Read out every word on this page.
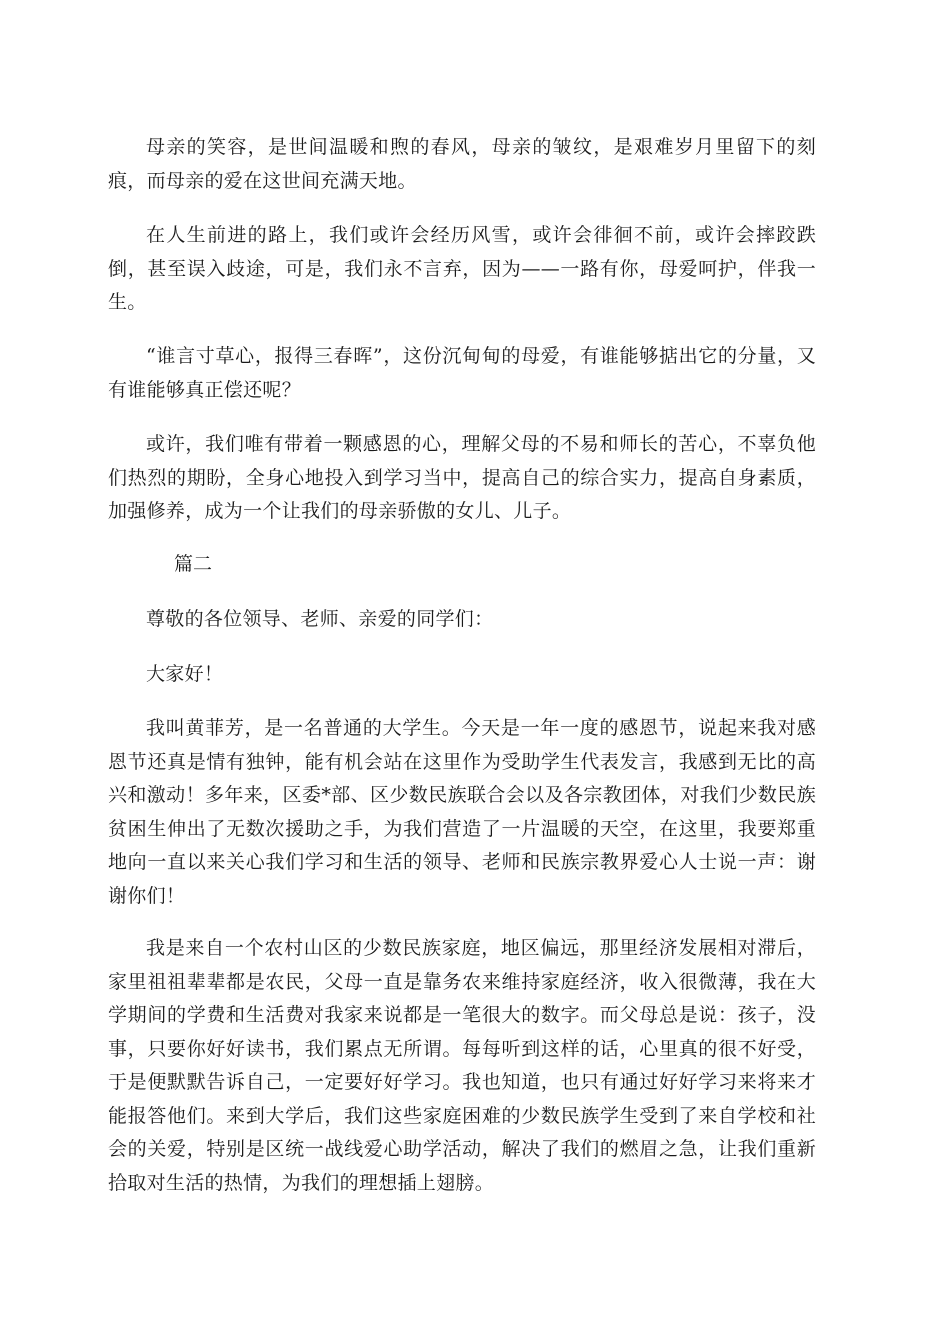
母亲的笑容，是世间温暖和煦的春风，母亲的皱纹，是艰难岁月里留下的刻痕，而母亲的爱在这世间充满天地。

在人生前进的路上，我们或许会经历风雪，或许会徘徊不前，或许会摔跤跌倒，甚至误入歧途，可是，我们永不言弃，因为——一路有你，母爱呵护，伴我一生。

“谁言寸草心，报得三春晖”，这份沉甸甸的母爱，有谁能够掂出它的分量，又有谁能够真正偿还呢？

或许，我们唯有带着一颗感恩的心，理解父母的不易和师长的苦心，不辜负他们热烈的期盼，全身心地投入到学习当中，提高自己的综合实力，提高自身素质，加强修养，成为一个让我们的母亲骄傲的女儿、儿子。

篇二

尊敬的各位领导、老师、亲爱的同学们：

大家好！

我叫黄菲芳，是一名普通的大学生。今天是一年一度的感恩节，说起来我对感恩节还真是情有独钟，能有机会站在这里作为受助学生代表发言，我感到无比的高兴和激动！多年来，区委*部、区少数民族联合会以及各宗教团体，对我们少数民族贫困生伸出了无数次援助之手，为我们营造了一片温暖的天空，在这里，我要郑重地向一直以来关心我们学习和生活的领导、老师和民族宗教界爱心人士说一声：谢谢你们！

我是来自一个农村山区的少数民族家庭，地区偏远，那里经济发展相对滞后，家里祖祖辈辈都是农民，父母一直是靠务农来维持家庭经济，收入很微薄，我在大学期间的学费和生活费对我家来说都是一笔很大的数字。而父母总是说：孩子，没事，只要你好好读书，我们累点无所谓。每每听到这样的话，心里真的很不好受，于是便默默告诉自己，一定要好好学习。我也知道，也只有通过好好学习来将来才能报答他们。来到大学后，我们这些家庭困难的少数民族学生受到了来自学校和社会的关爱，特别是区统一战线爱心助学活动，解决了我们的燃眉之急，让我们重新拾取对生活的热情，为我们的理想插上翅膀。
